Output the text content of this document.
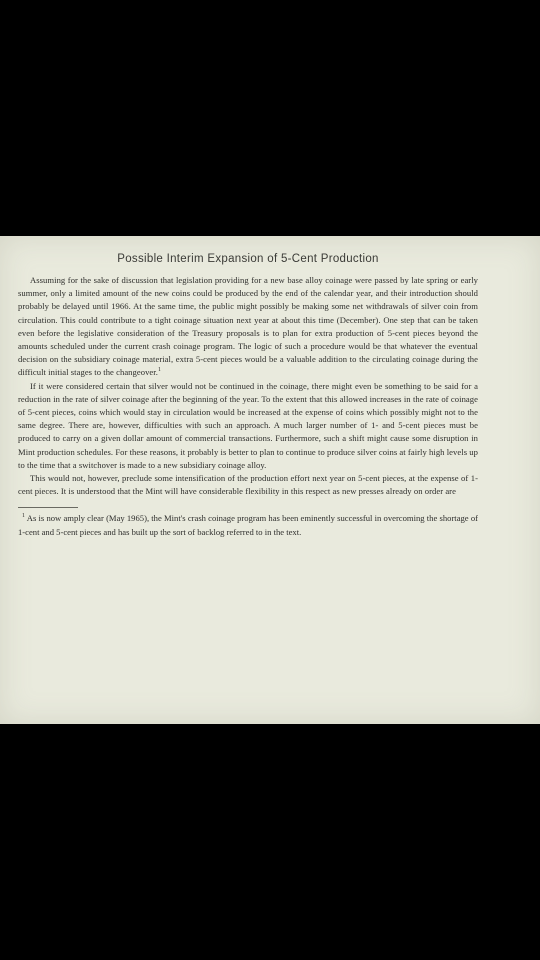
Possible Interim Expansion of 5-Cent Production

Assuming for the sake of discussion that legislation providing for a new base alloy coinage were passed by late spring or early summer, only a limited amount of the new coins could be produced by the end of the calendar year, and their introduction should probably be delayed until 1966. At the same time, the public might possibly be making some net withdrawals of silver coin from circulation. This could contribute to a tight coinage situation next year at about this time (December). One step that can be taken even before the legislative consideration of the Treasury proposals is to plan for extra production of 5-cent pieces beyond the amounts scheduled under the current crash coinage program. The logic of such a procedure would be that whatever the eventual decision on the subsidiary coinage material, extra 5-cent pieces would be a valuable addition to the circulating coinage during the difficult initial stages to the changeover.$^1$

If it were considered certain that silver would not be continued in the coinage, there might even be something to be said for a reduction in the rate of silver coinage after the beginning of the year. To the extent that this allowed increases in the rate of coinage of 5-cent pieces, coins which would stay in circulation would be increased at the expense of coins which possibly might not to the same degree. There are, however, difficulties with such an approach. A much larger number of 1- and 5-cent pieces must be produced to carry on a given dollar amount of commercial transactions. Furthermore, such a shift might cause some disruption in Mint production schedules. For these reasons, it probably is better to plan to continue to produce silver coins at fairly high levels up to the time that a switchover is made to a new subsidiary coinage alloy.

This would not, however, preclude some intensification of the production effort next year on 5-cent pieces, at the expense of 1-cent pieces. It is understood that the Mint will have considerable flexibility in this respect as new presses already on order are

$^1$ As is now amply clear (May 1965), the Mint's crash coinage program has been eminently successful in overcoming the shortage of 1-cent and 5-cent pieces and has built up the sort of backlog referred to in the text.
